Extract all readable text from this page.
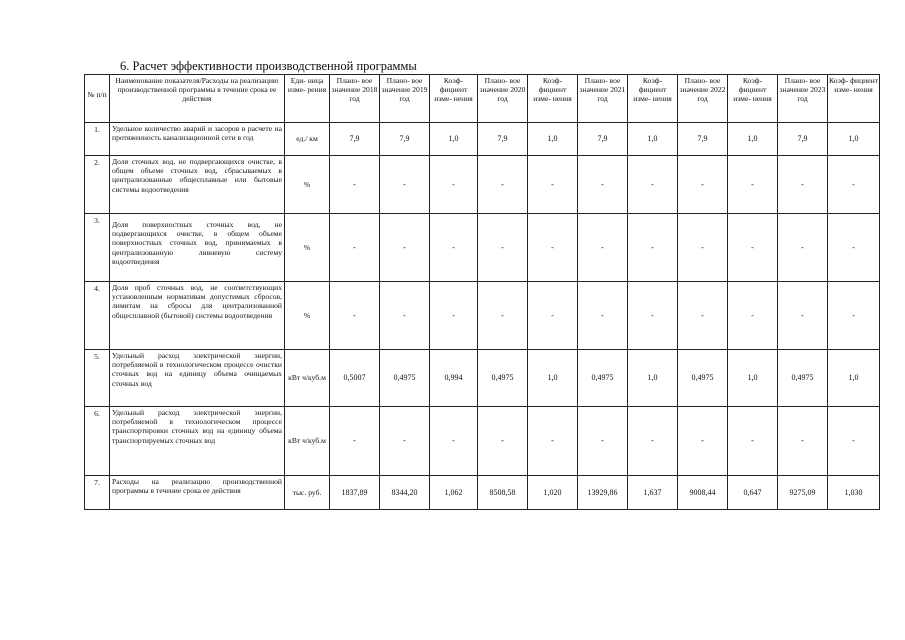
6. Расчет эффективности производственной программы
№ п/п	Наименование показателя/Расходы на реализацию производственной программы в течение срока ее действия	Еди- ница изме- рения	Плано- вое значение 2018 год	Плано- вое значение 2019 год	Коэф- фициент изме- нения	Плано- вое значение 2020 год	Коэф- фициент изме- нения	Плано- вое значение 2021 год	Коэф- фициент изме- нения	Плано- вое значение 2022 год	Коэф- фициент изме- нения	Плано- вое значение 2023 год	Коэф- фициент изме- нения
1.	Удельное количество аварий и засоров в расчете на протяженность канализационной сети в год	ед./ км	7,9	7,9	1,0	7,9	1,0	7,9	1,0	7,9	1,0	7,9	1,0
2.	Доля сточных вод, не подвергающихся очистке, в общем объеме сточных вод, сбрасываемых в централизованные общесплавные или бытовые системы водоотведения	%	-	-	-	-	-	-	-	-	-	-	-
3.	Доля поверхностных сточных вод, не подвергающихся очистке, в общем объеме поверхностных сточных вод, принимаемых в централизованную ливневую систему водоотведения	%	-	-	-	-	-	-	-	-	-	-	-
4.	Доля проб сточных вод, не соответствующих установленным нормативам допустимых сбросов, лимитам на сбросы для централизованной общесплавной (бытовой) системы водоотведения	%	-	-	-	-	-	-	-	-	-	-	-
5.	Удельный расход электрической энергии, потребляемой в технологическом процессе очистки сточных вод на единицу объема очищаемых сточных вод	кВт ч/куб.м	0,5007	0,4975	0,994	0,4975	1,0	0,4975	1,0	0,4975	1,0	0,4975	1,0
6.	Удельный расход электрической энергии, потребляемой в технологическом процессе транспортировки сточных вод на единицу объема транспортируемых сточных вод	кВт ч/куб.м	-	-	-	-	-	-	-	-	-	-	-
7.	Расходы на реализацию производственной программы в течение срока ее действия	тыс. руб.	1837,89	8344,20	1,062	8508,58	1,020	13929,86	1,637	9008,44	0,647	9275,09	1,030
